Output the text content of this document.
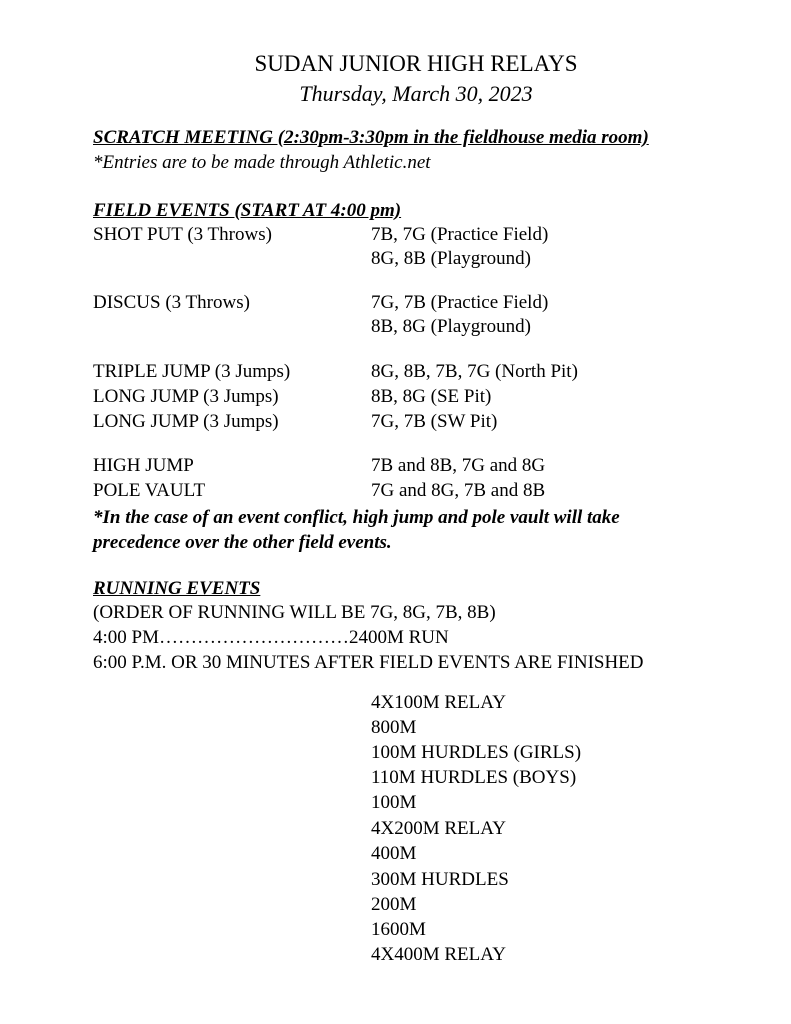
SUDAN JUNIOR HIGH RELAYS
Thursday, March 30, 2023
SCRATCH MEETING (2:30pm-3:30pm in the fieldhouse media room)
*Entries are to be made through Athletic.net
FIELD EVENTS (START AT 4:00 pm)
SHOT PUT (3 Throws)	7B, 7G (Practice Field)
8G, 8B (Playground)
DISCUS (3 Throws)	7G, 7B (Practice Field)
8B, 8G (Playground)
TRIPLE JUMP (3 Jumps)	8G, 8B, 7B, 7G (North Pit)
LONG JUMP (3 Jumps)	8B, 8G (SE Pit)
LONG JUMP (3 Jumps)	7G, 7B (SW Pit)
HIGH JUMP	7B and 8B, 7G and 8G
POLE VAULT	7G and 8G, 7B and 8B
*In the case of an event conflict, high jump and pole vault will take
precedence over the other field events.
RUNNING EVENTS
(ORDER OF RUNNING WILL BE 7G, 8G, 7B, 8B)
4:00 PM…………………………2400M RUN
6:00 P.M. OR 30 MINUTES AFTER FIELD EVENTS ARE FINISHED
4X100M RELAY
800M
100M HURDLES (GIRLS)
110M HURDLES (BOYS)
100M
4X200M RELAY
400M
300M HURDLES
200M
1600M
4X400M RELAY
